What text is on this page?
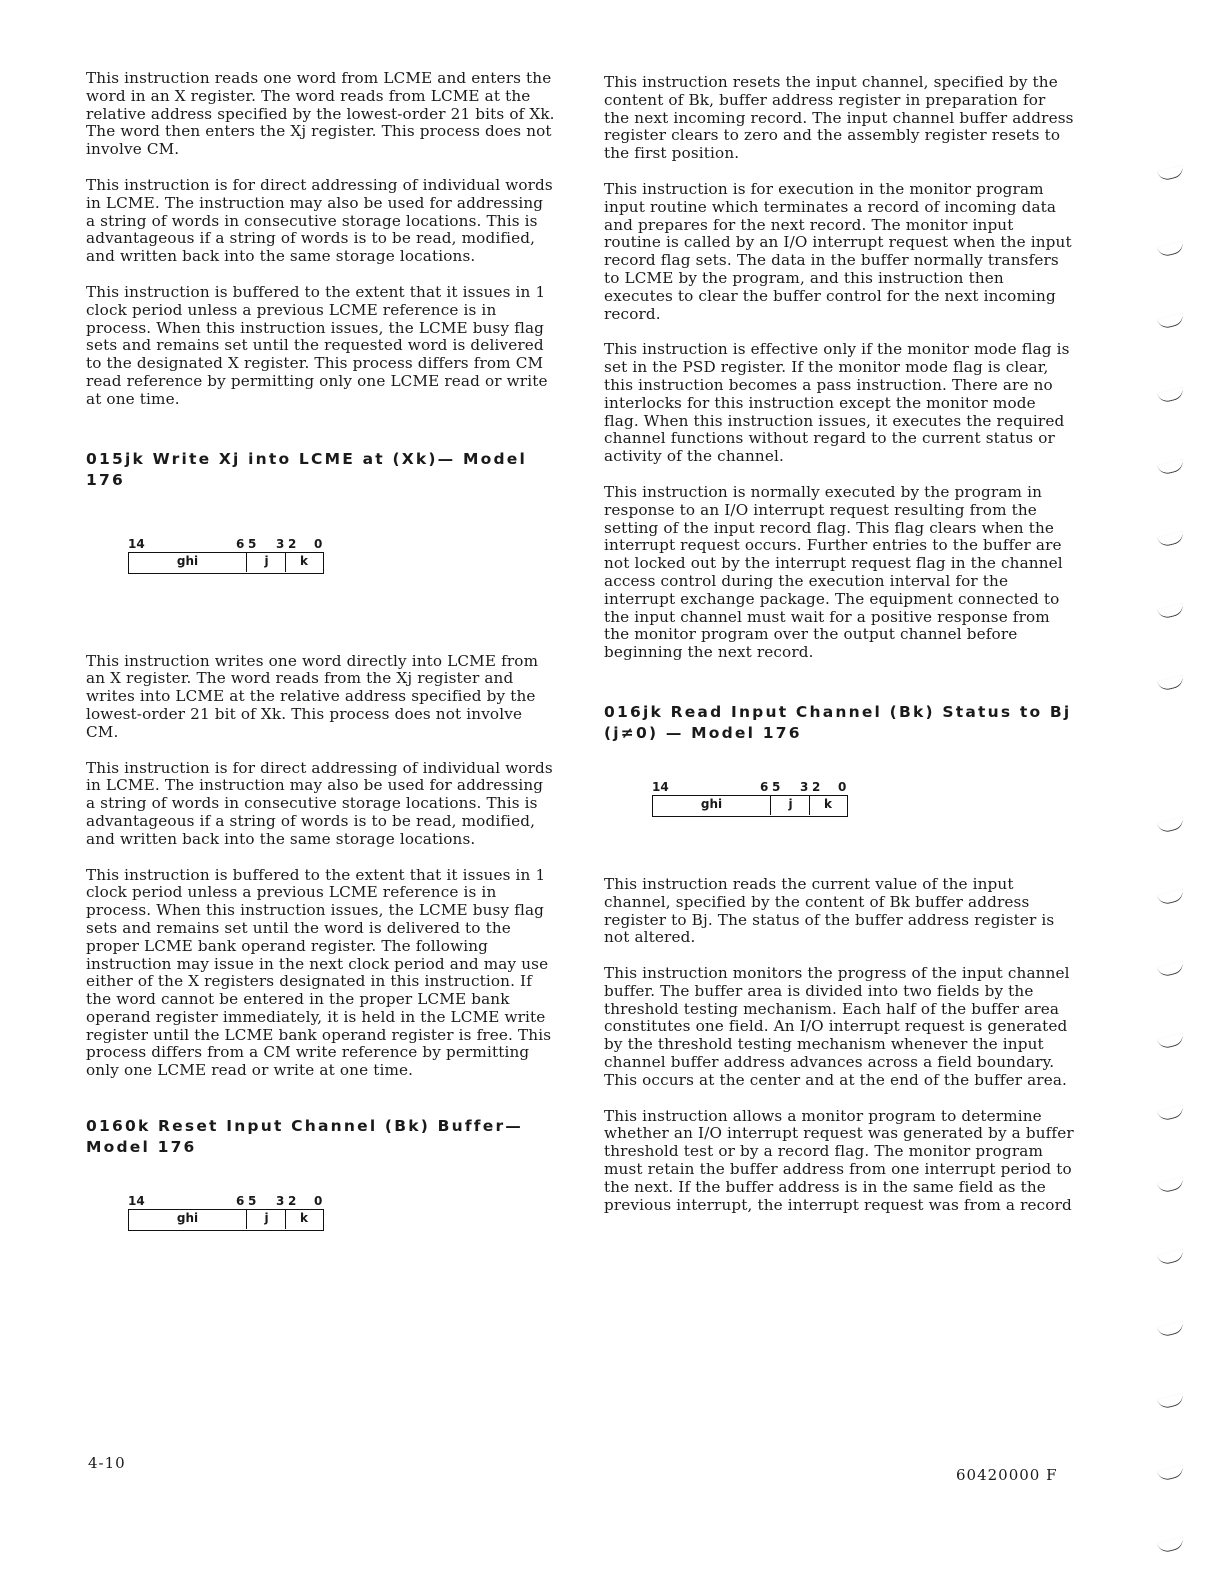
This instruction reads one word from LCME and enters the word in an X register. The word reads from LCME at the relative address specified by the lowest-order 21 bits of Xk. The word then enters the Xj register. This process does not involve CM.

This instruction is for direct addressing of individual words in LCME. The instruction may also be used for addressing a string of words in consecutive storage locations. This is advantageous if a string of words is to be read, modified, and written back into the same storage locations.

This instruction is buffered to the extent that it issues in 1 clock period unless a previous LCME reference is in process. When this instruction issues, the LCME busy flag sets and remains set until the requested word is delivered to the designated X register. This process differs from CM read reference by permitting only one LCME read or write at one time.

015jk Write Xj into LCME at (Xk)— Model 176
14	6 5 3 2 0
ghi	j	k

This instruction writes one word directly into LCME from an X register. The word reads from the Xj register and writes into LCME at the relative address specified by the lowest-order 21 bit of Xk. This process does not involve CM.

This instruction is for direct addressing of individual words in LCME. The instruction may also be used for addressing a string of words in consecutive storage locations. This is advantageous if a string of words is to be read, modified, and written back into the same storage locations.

This instruction is buffered to the extent that it issues in 1 clock period unless a previous LCME reference is in process. When this instruction issues, the LCME busy flag sets and remains set until the word is delivered to the proper LCME bank operand register. The following instruction may issue in the next clock period and may use either of the X registers designated in this instruction. If the word cannot be entered in the proper LCME bank operand register immediately, it is held in the LCME write register until the LCME bank operand register is free. This process differs from a CM write reference by permitting only one LCME read or write at one time.

0160k Reset Input Channel (Bk) Buffer—
Model 176
14	6 5 3 2 0
ghi	j	k

This instruction resets the input channel, specified by the content of Bk, buffer address register in preparation for the next incoming record. The input channel buffer address register clears to zero and the assembly register resets to the first position.

This instruction is for execution in the monitor program input routine which terminates a record of incoming data and prepares for the next record. The monitor input routine is called by an I/O interrupt request when the input record flag sets. The data in the buffer normally transfers to LCME by the program, and this instruction then executes to clear the buffer control for the next incoming record.

This instruction is effective only if the monitor mode flag is set in the PSD register. If the monitor mode flag is clear, this instruction becomes a pass instruction. There are no interlocks for this instruction except the monitor mode flag. When this instruction issues, it executes the required channel functions without regard to the current status or activity of the channel.

This instruction is normally executed by the program in response to an I/O interrupt request resulting from the setting of the input record flag. This flag clears when the interrupt request occurs. Further entries to the buffer are not locked out by the interrupt request flag in the channel access control during the execution interval for the interrupt exchange package. The equipment connected to the input channel must wait for a positive response from the monitor program over the output channel before beginning the next record.

016jk Read Input Channel (Bk) Status to Bj
(j≠0) — Model 176
14	6 5 3 2 0
ghi	j	k

This instruction reads the current value of the input channel, specified by the content of Bk buffer address register to Bj. The status of the buffer address register is not altered.

This instruction monitors the progress of the input channel buffer. The buffer area is divided into two fields by the threshold testing mechanism. Each half of the buffer area constitutes one field. An I/O interrupt request is generated by the threshold testing mechanism whenever the input channel buffer address advances across a field boundary. This occurs at the center and at the end of the buffer area.

This instruction allows a monitor program to determine whether an I/O interrupt request was generated by a buffer threshold test or by a record flag. The monitor program must retain the buffer address from one interrupt period to the next. If the buffer address is in the same field as the previous interrupt, the interrupt request was from a record

4-10
60420000 F
